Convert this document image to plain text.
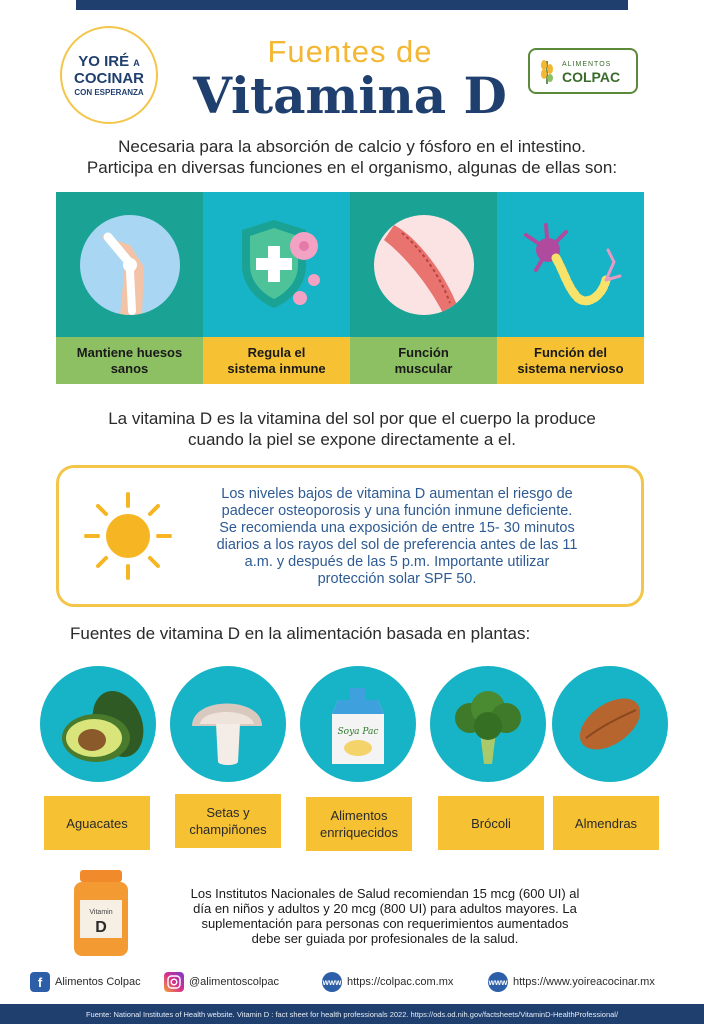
YO IRÉ A
COCINAR
CON ESPERANZA
Fuentes de
Vitamina D
ALIMENTOS
COLPAC
Necesaria para la absorción de calcio y fósforo en el intestino.
Participa en diversas funciones en el organismo, algunas de ellas son:
Mantiene huesos
sanos
Regula el
sistema inmune
Función
muscular
Función del
sistema nervioso
La vitamina D es la vitamina del sol por que el cuerpo la produce
cuando la piel se expone directamente a el.
Los niveles bajos de vitamina D aumentan el riesgo de
padecer osteoporosis y una función inmune deficiente.
Se recomienda una exposición de entre 15- 30 minutos
diarios a los rayos del sol de preferencia antes de las 11
a.m. y después de las 5 p.m. Importante utilizar
protección solar SPF 50.
Fuentes de vitamina D en la alimentación basada en plantas:
Soya Pac
Aguacates
Setas y
champiñones
Alimentos
enrriquecidos
Brócoli	Almendras
Vitamin
D
Los Institutos Nacionales de Salud recomiendan 15 mcg (600 UI) al
día en niños y adultos y 20 mcg (800 UI) para adultos mayores. La
suplementación para personas con requerimientos aumentados
debe ser guiada por profesionales de la salud.
f	Alimentos Colpac	@alimentoscolpac	www https://colpac.com.mx	www https://www.yoireacocinar.mx
Fuente: National Institutes of Health website. Vitamin D : fact sheet for health professionals 2022. https://ods.od.nih.gov/factsheets/VitaminD-HealthProfessional/
